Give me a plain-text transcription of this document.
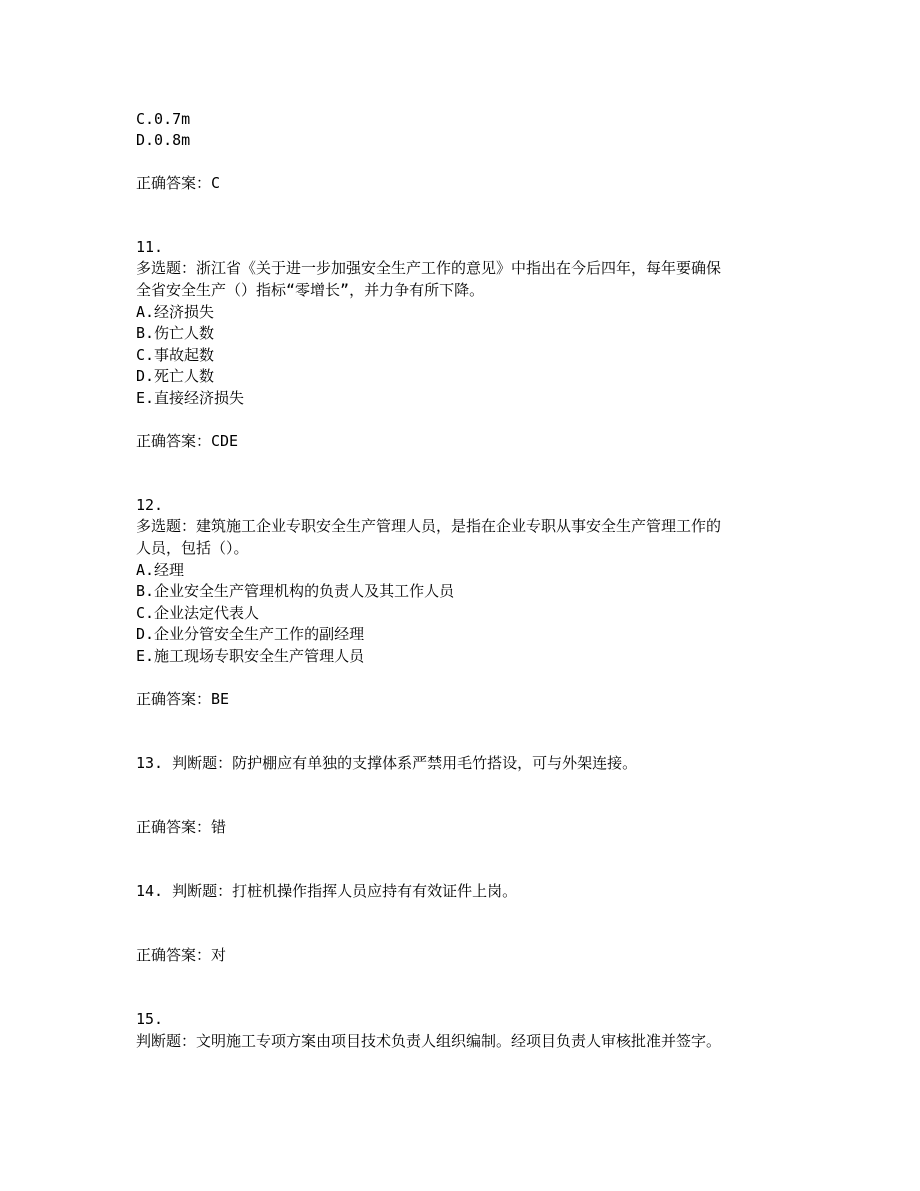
C.0.7m
D.0.8m
正确答案：C
11.
多选题：浙江省《关于进一步加强安全生产工作的意见》中指出在今后四年，每年要确保
全省安全生产（）指标“零增长”，并力争有所下降。
A.经济损失
B.伤亡人数
C.事故起数
D.死亡人数
E.直接经济损失
正确答案：CDE
12.
多选题：建筑施工企业专职安全生产管理人员，是指在企业专职从事安全生产管理工作的
人员，包括（）。
A.经理
B.企业安全生产管理机构的负责人及其工作人员
C.企业法定代表人
D.企业分管安全生产工作的副经理
E.施工现场专职安全生产管理人员
正确答案：BE
13. 判断题：防护棚应有单独的支撑体系严禁用毛竹搭设，可与外架连接。
正确答案：错
14. 判断题：打桩机操作指挥人员应持有有效证件上岗。
正确答案：对
15.
判断题：文明施工专项方案由项目技术负责人组织编制。经项目负责人审核批准并签字。
